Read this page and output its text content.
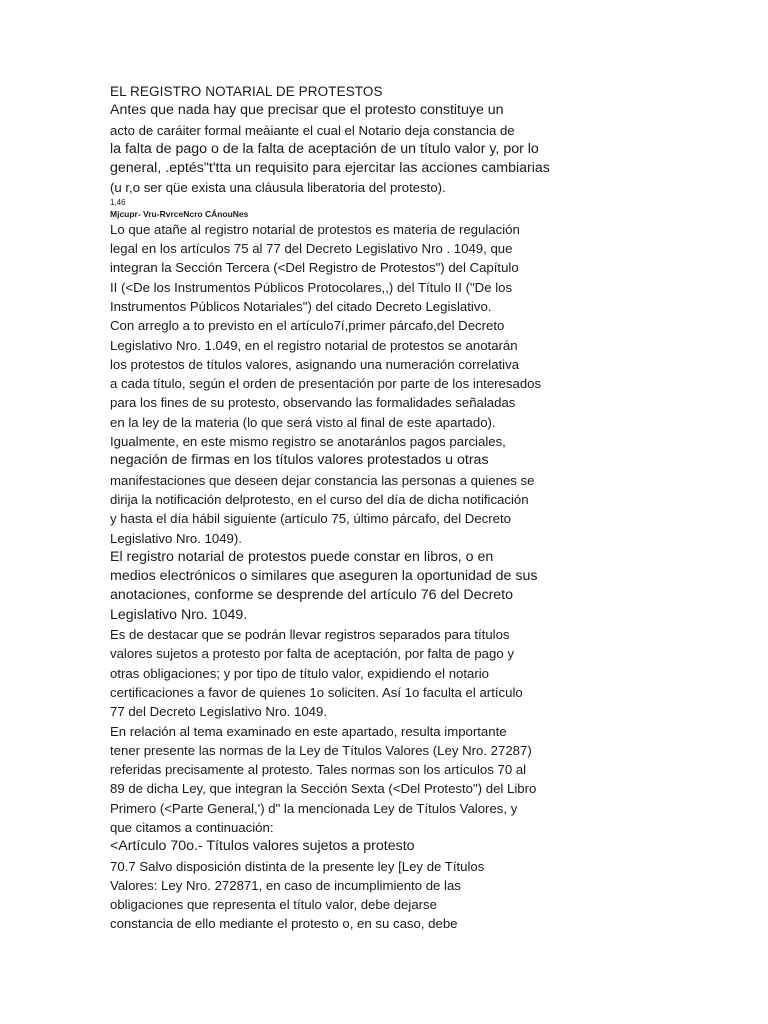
EL REGISTRO NOTARIAL DE PROTESTOS
Antes que nada hay que precisar que el protesto constituye un
acto de caráiter formal meàiante el cual el Notario deja constancia de
la falta de pago o de la falta de aceptación de un título valor y, por lo
general, .eptés"t'tta un requisito para ejercitar las acciones cambiarias
(u r,o ser qüe exista una cláusula liberatoria del protesto).
1,46
Mjcupr- Vru-RvrceNcro CÁnouNes
Lo que atañe al registro notarial de protestos es materia de regulación
legal en los artículos 75 al 77 del Decreto Legislativo Nro . 1049, que
integran la Sección Tercera (<Del Registro de Protestos") del Capítulo
II (<De los Instrumentos Públicos Protocolares,,) del Título II ("De los
Instrumentos Públicos Notariales") del citado Decreto Legislativo.
Con arreglo a to previsto en el artículo7í,primer párcafo,del Decreto
Legislativo Nro. 1.049, en el registro notarial de protestos se anotarán
los protestos de títulos valores, asignando una numeración correlativa
a cada título, según el orden de presentación por parte de los interesados
para los fines de su protesto, observando las formalidades señaladas
en la ley de la materia (lo que será visto al final de este apartado).
Igualmente, en este mismo registro se anotaránlos pagos parciales,
negación de firmas en los títulos valores protestados u otras
manifestaciones que deseen dejar constancia las personas a quienes se
dirija la notificación delprotesto, en el curso del día de dicha notificación
y hasta el día hábil siguiente (artículo 75, último párcafo, del Decreto
Legislativo Nro. 1049).
El registro notarial de protestos puede constar en libros, o en
medios electrónicos o similares que aseguren la oportunidad de sus
anotaciones, conforme se desprende del artículo 76 del Decreto
Legislativo Nro. 1049.
Es de destacar que se podrán llevar registros separados para títulos
valores sujetos a protesto por falta de aceptación, por falta de pago y
otras obligaciones; y por tipo de título valor, expidiendo el notario
certificaciones a favor de quienes 1o soliciten. Así 1o faculta el artículo
77 del Decreto Legislativo Nro. 1049.
En relación al tema examinado en este apartado, resulta importante
tener presente las normas de la Ley de Títulos Valores (Ley Nro. 27287)
referidas precisamente al protesto. Tales normas son los artículos 70 al
89 de dicha Ley, que integran la Sección Sexta (<Del Protesto") del Libro
Primero (<Parte General,') d" la mencionada Ley de Títulos Valores, y
que citamos a continuación:
<Artículo 70o.- Títulos valores sujetos a protesto
70.7 Salvo disposición distinta de la presente ley [Ley de Títulos
Valores: Ley Nro. 272871, en caso de incumplimiento de las
obligaciones que representa el título valor, debe dejarse
constancia de ello mediante el protesto o, en su caso, debe
